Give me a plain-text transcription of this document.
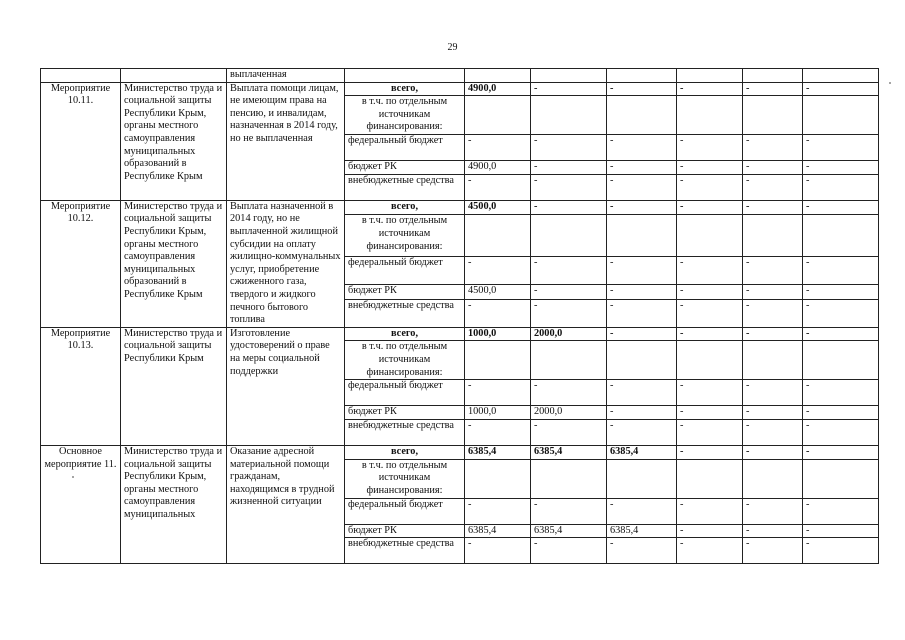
29
		выплаченная							
Мероприятие 10.11.	Министерство труда и социальной защиты Республики Крым, органы местного самоуправления муниципальных образований в Республике Крым	Выплата помощи лицам, не имеющим права на пенсию, и инвалидам, назначенная в 2014 году, но не выплаченная	всего,	4900,0	-	-	-	-	-
			в т.ч. по отдельным источникам финансирования:						
			федеральный бюджет	-	-	-	-	-	-
			бюджет РК	4900,0	-	-	-	-	-
			внебюджетные средства	-	-	-	-	-	-
Мероприятие 10.12.	Министерство труда и социальной защиты Республики Крым, органы местного самоуправления муниципальных образований в Республике Крым	Выплата назначенной в 2014 году, но не выплаченной жилищной субсидии на оплату жилищно-коммунальных услуг, приобретение сжиженного газа, твердого и жидкого печного бытового топлива	всего,	4500,0	-	-	-	-	-
			в т.ч. по отдельным источникам финансирования:						
			федеральный бюджет	-	-	-	-	-	-
			бюджет РК	4500,0	-	-	-	-	-
			внебюджетные средства	-	-	-	-	-	-
Мероприятие 10.13.	Министерство труда и социальной защиты Республики Крым	Изготовление удостоверений о праве на меры социальной поддержки	всего,	1000,0	2000,0	-	-	-	-
			в т.ч. по отдельным источникам финансирования:						
			федеральный бюджет	-	-	-	-	-	-
			бюджет РК	1000,0	2000,0	-	-	-	-
			внебюджетные средства	-	-	-	-	-	-
Основное мероприятие 11.	Министерство труда и социальной защиты Республики Крым, органы местного самоуправления муниципальных	Оказание адресной материальной помощи гражданам, находящимся в трудной жизненной ситуации	всего,	6385,4	6385,4	6385,4	-	-	-
			в т.ч. по отдельным источникам финансирования:						
			федеральный бюджет	-	-	-	-	-	-
			бюджет РК	6385,4	6385,4	6385,4	-	-	-
			внебюджетные средства	-	-	-	-	-	-
